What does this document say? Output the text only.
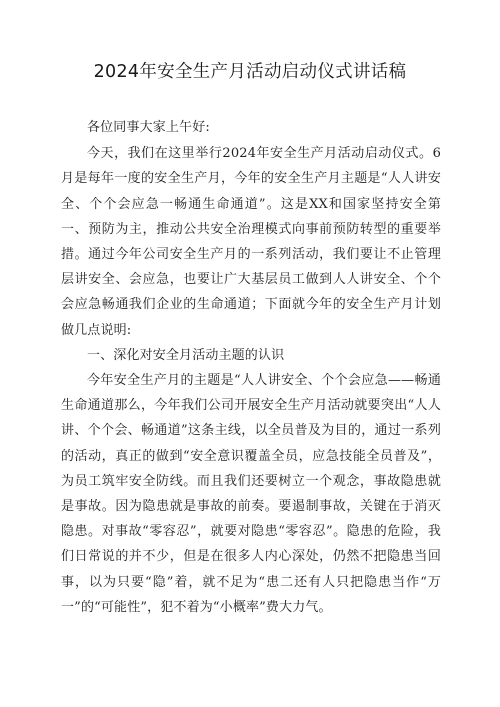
2024年安全生产月活动启动仪式讲话稿

各位同事大家上午好:

今天，我们在这里举行2024年安全生产月活动启动仪式。6月是每年一度的安全生产月，今年的安全生产月主题是“人人讲安全、个个会应急一畅通生命通道”。这是XX和国家坚持安全第一、预防为主，推动公共安全治理模式向事前预防转型的重要举措。通过今年公司安全生产月的一系列活动，我们要让不止管理层讲安全、会应急，也要让广大基层员工做到人人讲安全、个个会应急畅通我们企业的生命通道；下面就今年的安全生产月计划做几点说明:

一、深化对安全月活动主题的认识

今年安全生产月的主题是“人人讲安全、个个会应急——畅通生命通道那么，今年我们公司开展安全生产月活动就要突出“人人讲、个个会、畅通道”这条主线，以全员普及为目的，通过一系列的活动，真正的做到“安全意识覆盖全员，应急技能全员普及”，为员工筑牢安全防线。而且我们还要树立一个观念，事故隐患就是事故。因为隐患就是事故的前奏。要遏制事故，关键在于消灭隐患。对事故“零容忍”，就要对隐患“零容忍”。隐患的危险，我们日常说的并不少，但是在很多人内心深处，仍然不把隐患当回事，以为只要“隐”着，就不足为“患二还有人只把隐患当作“万一”的“可能性”，犯不着为“小概率”费大力气。
